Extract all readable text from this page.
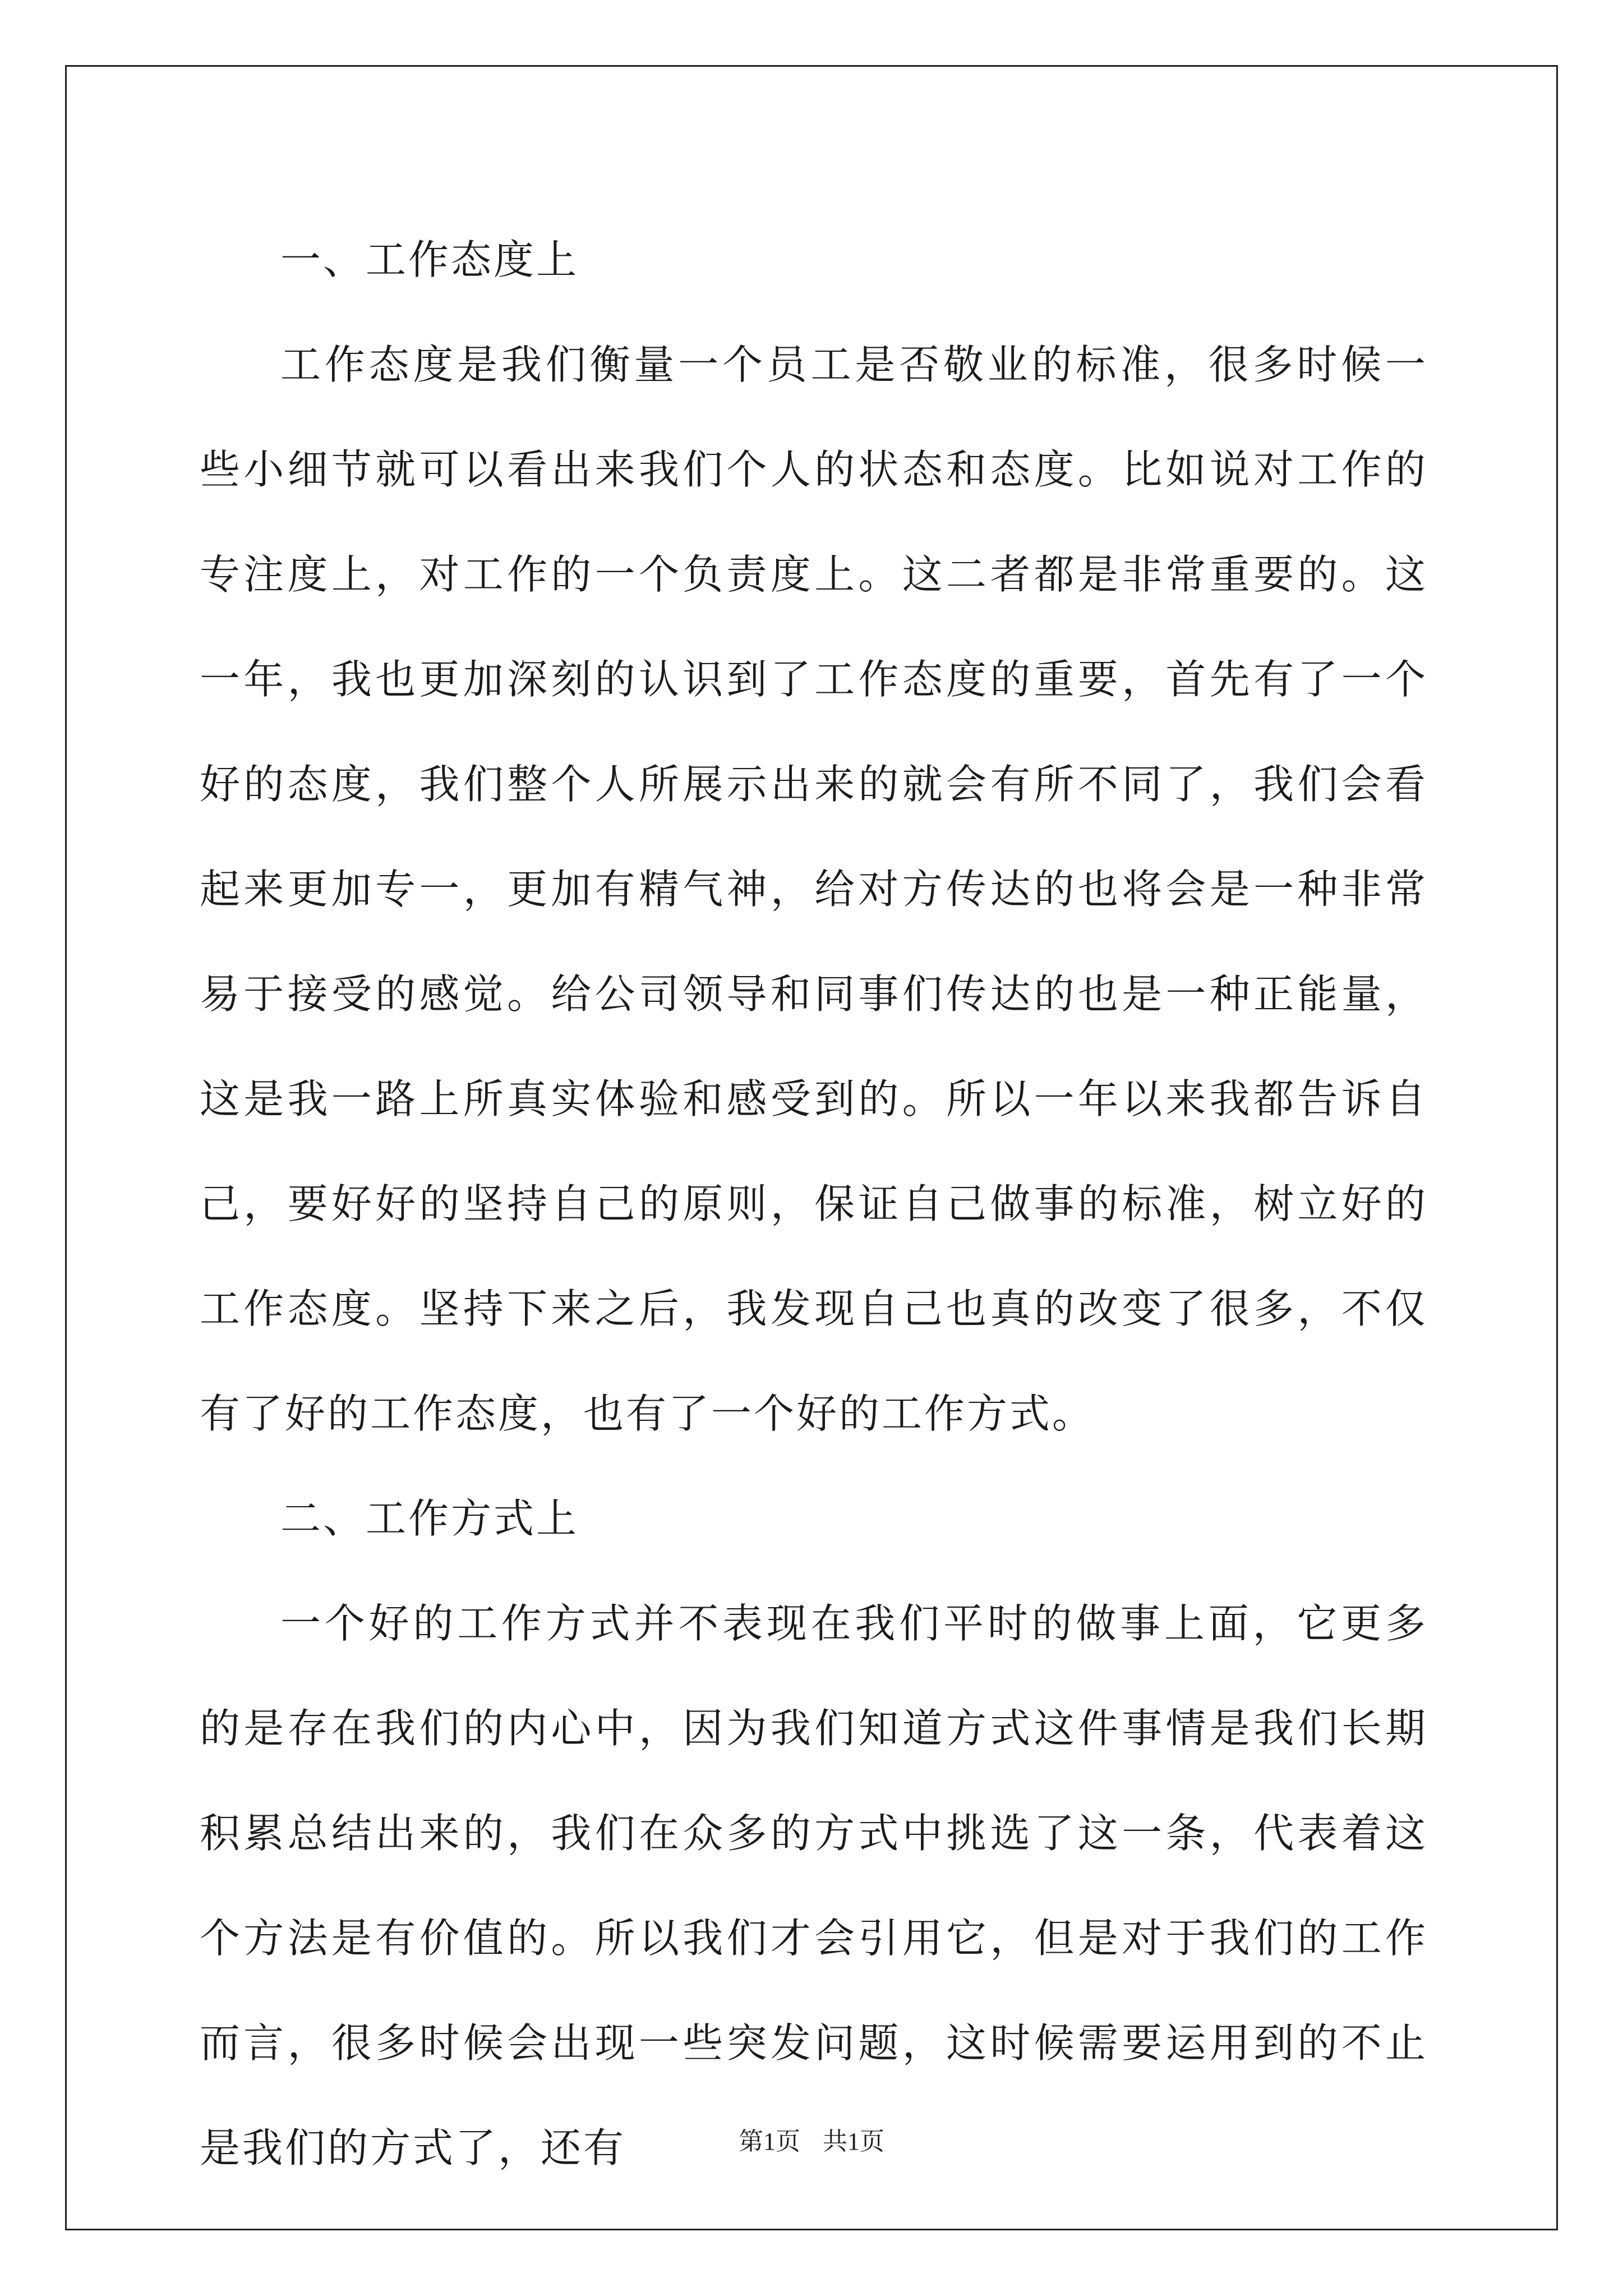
一、工作态度上

工作态度是我们衡量一个员工是否敬业的标准，很多时候一些小细节就可以看出来我们个人的状态和态度。比如说对工作的专注度上，对工作的一个负责度上。这二者都是非常重要的。这一年，我也更加深刻的认识到了工作态度的重要，首先有了一个好的态度，我们整个人所展示出来的就会有所不同了，我们会看起来更加专一，更加有精气神，给对方传达的也将会是一种非常易于接受的感觉。给公司领导和同事们传达的也是一种正能量，这是我一路上所真实体验和感受到的。所以一年以来我都告诉自己，要好好的坚持自己的原则，保证自己做事的标准，树立好的工作态度。坚持下来之后，我发现自己也真的改变了很多，不仅有了好的工作态度，也有了一个好的工作方式。

二、工作方式上

一个好的工作方式并不表现在我们平时的做事上面，它更多的是存在我们的内心中，因为我们知道方式这件事情是我们长期积累总结出来的，我们在众多的方式中挑选了这一条，代表着这个方法是有价值的。所以我们才会引用它，但是对于我们的工作而言，很多时候会出现一些突发问题，这时候需要运用到的不止是我们的方式了，还有	第1页 共1页
